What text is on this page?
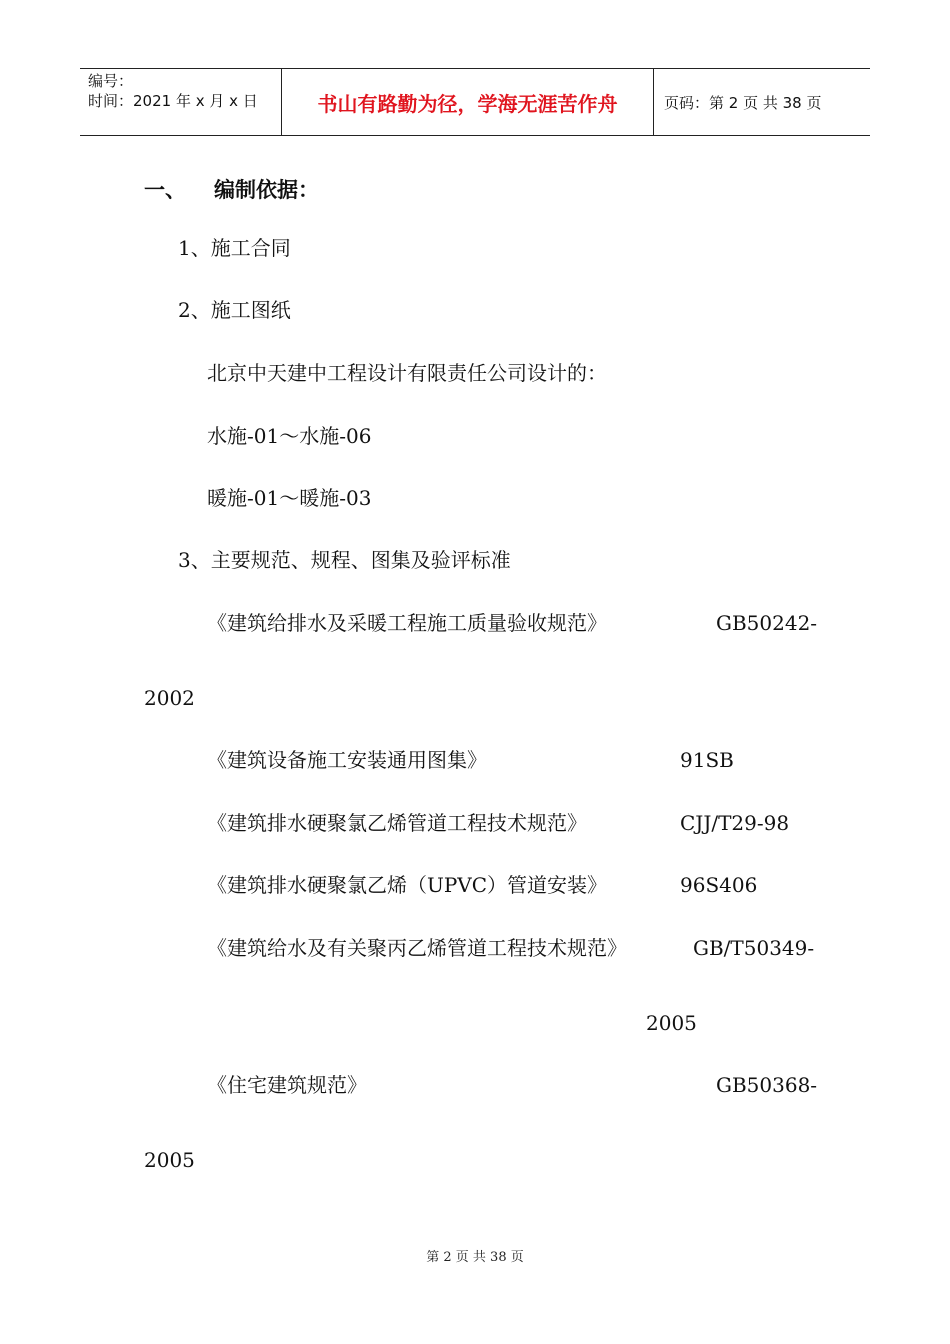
编号：
时间：2021 年 x 月 x 日	书山有路勤为径，学海无涯苦作舟	页码：第 2 页 共 38 页
一、 编制依据：
1、施工合同
2、施工图纸
北京中天建中工程设计有限责任公司设计的：
水施-01～水施-06
暖施-01～暖施-03
3、主要规范、规程、图集及验评标准
《建筑给排水及采暖工程施工质量验收规范》	GB50242-
2002
《建筑设备施工安装通用图集》	91SB
《建筑排水硬聚氯乙烯管道工程技术规范》	CJJ/T29-98
《建筑排水硬聚氯乙烯（UPVC）管道安装》	96S406
《建筑给水及有关聚丙乙烯管道工程技术规范》	GB/T50349-
2005
《住宅建筑规范》	GB50368-
2005
第 2 页 共 38 页
